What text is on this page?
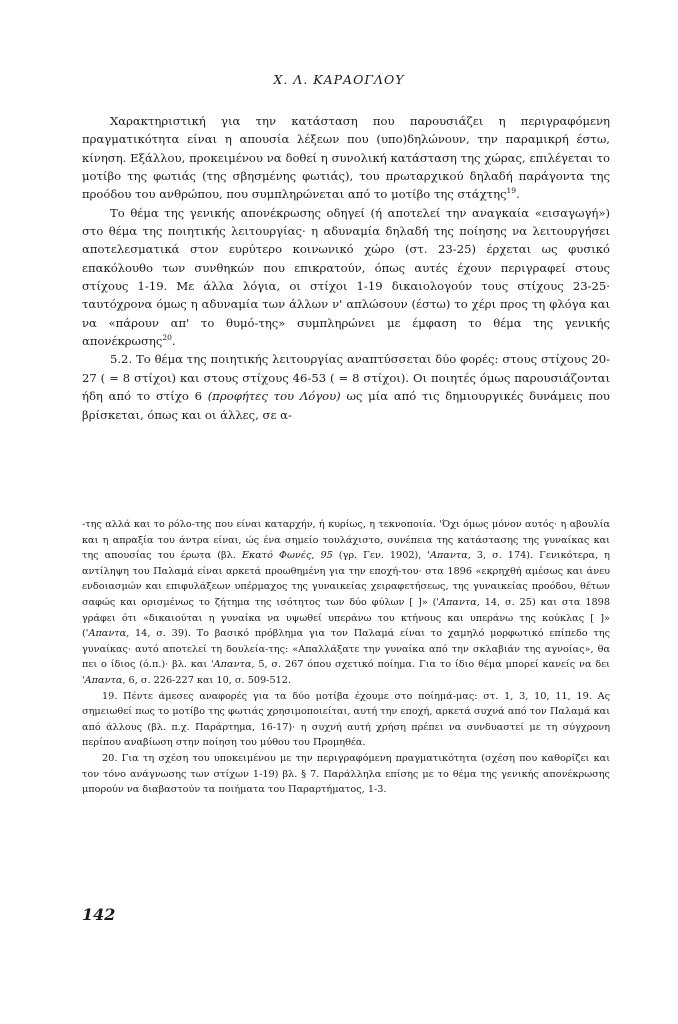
Χ. Λ. ΚΑΡΑΟΓΛΟΥ

Χαρακτηριστική για την κατάσταση που παρουσιάζει η περιγραφόμενη πραγματικότητα είναι η απουσία λέξεων που (υπο)δηλώνουν, την παραμικρή έστω, κίνηση. Εξάλλου, προκειμένου να δοθεί η συνολική κατάσταση της χώρας, επιλέγεται το μοτίβο της φωτιάς (της σβησμένης φωτιάς), του πρωταρχικού δηλαδή παράγοντα της προόδου του ανθρώπου, που συμπληρώνεται από το μοτίβο της στάχτης$^{19}$.

Το θέμα της γενικής απονέκρωσης οδηγεί (ή αποτελεί την αναγκαία «εισαγωγή») στο θέμα της ποιητικής λειτουργίας· η αδυναμία δηλαδή της ποίησης να λειτουργήσει αποτελεσματικά στον ευρύτερο κοινωνικό χώρο (στ. 23-25) έρχεται ως φυσικό επακόλουθο των συνθηκών που επικρατούν, όπως αυτές έχουν περιγραφεί στους στίχους 1-19. Με άλλα λόγια, οι στίχοι 1-19 δικαιολογούν τους στίχους 23-25· ταυτόχρονα όμως η αδυναμία των άλλων ν' απλώσουν (έστω) το χέρι προς τη φλόγα και να «πάρουν απ' το θυμό-της» συμπληρώνει με έμφαση το θέμα της γενικής απονέκρωσης$^{20}$.

5.2. Το θέμα της ποιητικής λειτουργίας αναπτύσσεται δύο φορές: στους στίχους 20-27 ( = 8 στίχοι) και στους στίχους 46-53 ( = 8 στίχοι). Οι ποιητές όμως παρουσιάζονται ήδη από το στίχο 6 (προφήτες του Λόγου) ως μία από τις δημιουργικές δυνάμεις που βρίσκεται, όπως και οι άλλες, σε α-

-της αλλά και το ρόλο-της που είναι καταρχήν, ή κυρίως, η τεκνοποιία. 'Όχι όμως μόνον αυτός· η αβουλία και η απραξία του άντρα είναι, ώς ένα σημείο τουλάχιστο, συνέπεια της κατάστασης της γυναίκας και της απουσίας του έρωτα (βλ. Εκατό Φωνές, 95 (γρ. Γεν. 1902), 'Απαντα, 3, σ. 174). Γενικότερα, η αντίληψη του Παλαμά είναι αρκετά προωθημένη για την εποχή-του· στα 1896 «εκρηχθή αμέσως και άνευ ενδοιασμών και επιφυλάξεων υπέρμαχος της γυναικείας χειραφετήσεως, της γυναικείας προόδου, θέτων σαφώς και ορισμένως το ζήτημα της ισότητος των δύο φύλων [ ]» ('Απαντα, 14, σ. 25) και στα 1898 γράφει ότι «δικαιούται η γυναίκα να υψωθεί υπεράνω του κτήνους και υπεράνω της κούκλας [ ]» ('Απαντα, 14, σ. 39). Το βασικό πρόβλημα για τον Παλαμά είναι το χαμηλό μορφωτικό επίπεδο της γυναίκας· αυτό αποτελεί τη δουλεία-της: «Απαλλάξατε την γυναίκα από την σκλαβιάν της αγνοίας», θα πει ο ίδιος (ό.π.)· βλ. και 'Απαντα, 5, σ. 267 όπου σχετικό ποίημα. Για το ίδιο θέμα μπορεί κανείς να δει 'Απαντα, 6, σ. 226-227 και 10, σ. 509-512.

19. Πέντε άμεσες αναφορές για τα δύο μοτίβα έχουμε στο ποίημά-μας: στ. 1, 3, 10, 11, 19. Ας σημειωθεί πως το μοτίβο της φωτιάς χρησιμοποιείται, αυτή την εποχή, αρκετά συχνά από τον Παλαμά και από άλλους (βλ. π.χ. Παράρτημα, 16-17)· η συχνή αυτή χρήση πρέπει να συνδυαστεί με τη σύγχρονη περίπου αναβίωση στην ποίηση του μύθου του Προμηθέα.

20. Για τη σχέση του υποκειμένου με την περιγραφόμενη πραγματικότητα (σχέση που καθορίζει και τον τόνο ανάγνωσης των στίχων 1-19) βλ. § 7. Παράλληλα επίσης με το θέμα της γενικής απονέκρωσης μπορούν να διαβαστούν τα ποιήματα του Παραρτήματος, 1-3.

142
